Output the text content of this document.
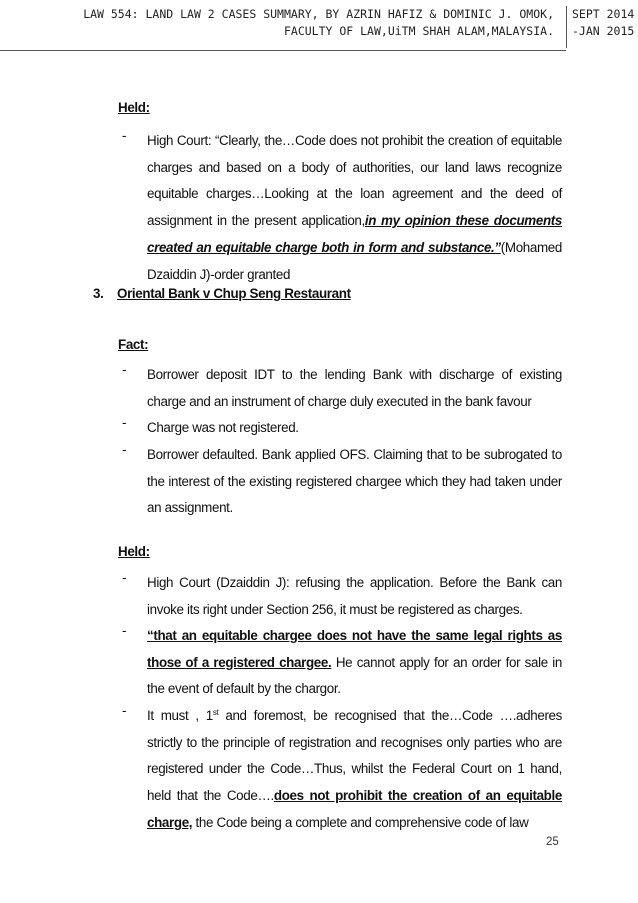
LAW 554: LAND LAW 2 CASES SUMMARY, BY AZRIN HAFIZ & DOMINIC J. OMOK,
FACULTY OF LAW,UiTM SHAH ALAM,MALAYSIA.
SEPT 2014
-JAN 2015
Held:
- High Court: “Clearly, the…Code does not prohibit the creation of equitable charges and based on a body of authorities, our land laws recognize equitable charges…Looking at the loan agreement and the deed of assignment in the present application,in my opinion these documents created an equitable charge both in form and substance.”(Mohamed Dzaiddin J)-order granted
3. Oriental Bank v Chup Seng Restaurant
Fact:
- Borrower deposit IDT to the lending Bank with discharge of existing charge and an instrument of charge duly executed in the bank favour
- Charge was not registered.
- Borrower defaulted. Bank applied OFS. Claiming that to be subrogated to the interest of the existing registered chargee which they had taken under an assignment.
Held:
- High Court (Dzaiddin J): refusing the application. Before the Bank can invoke its right under Section 256, it must be registered as charges.
- “that an equitable chargee does not have the same legal rights as those of a registered chargee. He cannot apply for an order for sale in the event of default by the chargor.
- It must , 1st and foremost, be recognised that the…Code ….adheres strictly to the principle of registration and recognises only parties who are registered under the Code…Thus, whilst the Federal Court on 1 hand, held that the Code….does not prohibit the creation of an equitable charge, the Code being a complete and comprehensive code of law
25
